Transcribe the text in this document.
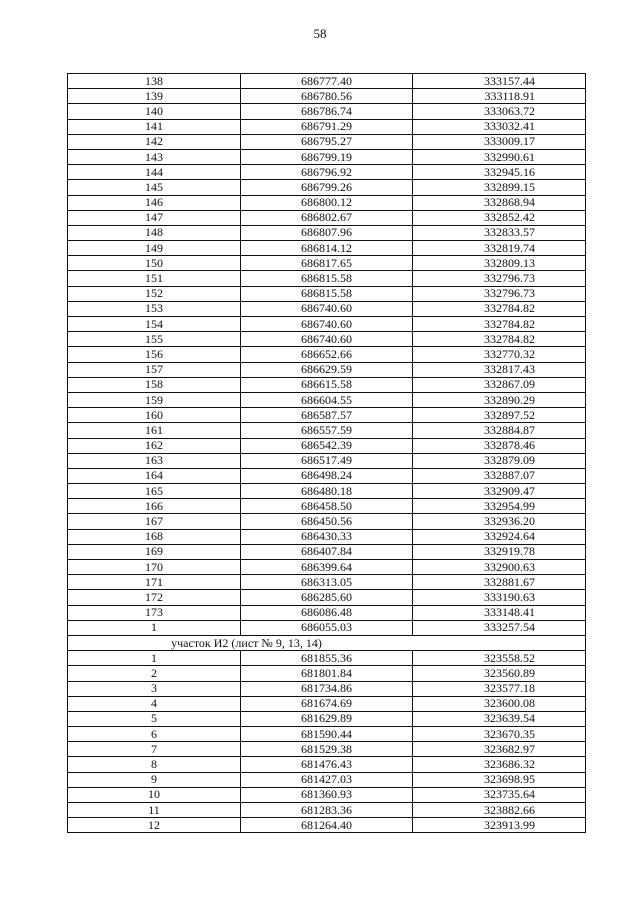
58
138	686777.40	333157.44
139	686780.56	333118.91
140	686786.74	333063.72
141	686791.29	333032.41
142	686795.27	333009.17
143	686799.19	332990.61
144	686796.92	332945.16
145	686799.26	332899.15
146	686800.12	332868.94
147	686802.67	332852.42
148	686807.96	332833.57
149	686814.12	332819.74
150	686817.65	332809.13
151	686815.58	332796.73
152	686815.58	332796.73
153	686740.60	332784.82
154	686740.60	332784.82
155	686740.60	332784.82
156	686652.66	332770.32
157	686629.59	332817.43
158	686615.58	332867.09
159	686604.55	332890.29
160	686587.57	332897.52
161	686557.59	332884.87
162	686542.39	332878.46
163	686517.49	332879.09
164	686498.24	332887.07
165	686480.18	332909.47
166	686458.50	332954.99
167	686450.56	332936.20
168	686430.33	332924.64
169	686407.84	332919.78
170	686399.64	332900.63
171	686313.05	332881.67
172	686285.60	333190.63
173	686086.48	333148.41
1	686055.03	333257.54
участок И2 (лист № 9, 13, 14)		
1	681855.36	323558.52
2	681801.84	323560.89
3	681734.86	323577.18
4	681674.69	323600.08
5	681629.89	323639.54
6	681590.44	323670.35
7	681529.38	323682.97
8	681476.43	323686.32
9	681427.03	323698.95
10	681360.93	323735.64
11	681283.36	323882.66
12	681264.40	323913.99
